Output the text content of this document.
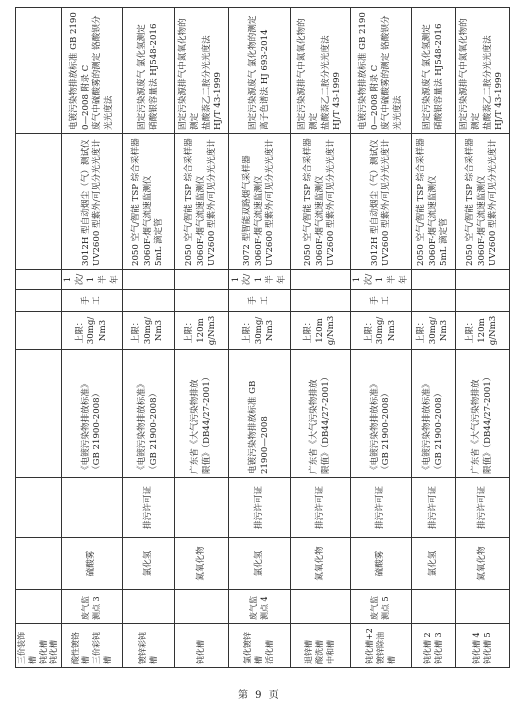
三价装饰槽 钝化槽 钝化槽									

酸性镀铬槽 三价彩钝槽	废气监测点 3	硫酸雾		《电镀污染物排放标准》 （GB 21900-2008）	上限： 30mg/Nm3	手工	1 次/1 半年	3012H 型自动烟尘（气）测试仪 UV2600 型紫外/可见分光光度计	电镀污染物排放标准 GB 21900—2008 附录 C 废气中硫酸雾的测定 铬酸钡分光光度法

镀锌彩钝槽		氯化氢	排污许可证	《电镀污染物排放标准》 （GB 21900-2008）	上限： 30mg/Nm3			2050 空气/智能 TSP 综合采样器 3060F-烟气流速监测仪 5mL 滴定管	固定污染源废气 氯化氢测定 硝酸银容量法 HJ548-2016

钝化槽		氮氧化物		广东省《大气污染物排放 限值》（DB44/27-2001）	上限： 120mg/Nm3			2050 空气/智能 TSP 综合采样器 3060F-烟气流速监测仪 UV2600 型紫外/可见分光光度计	固定污染源排气中氮氧化物的测定 盐酸萘乙二胺分光光度法 HJ/T 43-1999

氯化镀锌槽 活化槽	废气监测点 4	氯化氢	排污许可证	电镀污染物排放标准 GB 21900—2008	上限： 30mg/Nm3	手工	1 次/1 半年	3072 型智能双路烟气采样器 3060F-烟气流速监测仪 UV2600 型紫外/可见分光光度计	固定污染源废气 氯化物的测定 离子色谱法 HJ 693-2014

退锌槽 酸洗槽 中和槽		氮氧化物	排污许可证	广东省《大气污染物排放 限值》（DB44/27-2001）	上限： 120mg/Nm3			2050 空气/智能 TSP 综合采样器 3060F-烟气流速监测仪 UV2600 型紫外/可见分光光度计	固定污染源排气中氮氧化物的测定 盐酸萘乙二胺分光光度法 HJ/T 43-1999

钝化槽+2 镀锌除油槽	废气监测点 5	硫酸雾	排污许可证	《电镀污染物排放标准》 （GB 21900-2008）	上限： 30mg/Nm3	手工	1 次/1 半年	3012H 型自动烟尘（气）测试仪 UV2600 型紫外/可见分光光度计	电镀污染物排放标准 GB 21900—2008 附录 C 废气中硫酸雾的测定 铬酸钡分光光度法

钝化槽 2 钝化槽 3		氯化氢	排污许可证	《电镀污染物排放标准》 （GB 21900-2008）	上限： 30mg/Nm3			2050 空气/智能 TSP 综合采样器 3060F-烟气流速监测仪 5mL 滴定管	固定污染源废气 氯化氢测定 硝酸银容量法 HJ548-2016

钝化槽 4 钝化槽 5		氮氧化物	排污许可证	广东省《大气污染物排放 限值》（DB44/27-2001）	上限： 120mg/Nm3			2050 空气/智能 TSP 综合采样器 3060F-烟气流速监测仪 UV2600 型紫外/可见分光光度计	固定污染源排气中氮氧化物的测定 盐酸萘乙二胺分光光度法 HJ/T 43-1999
第 9 页
